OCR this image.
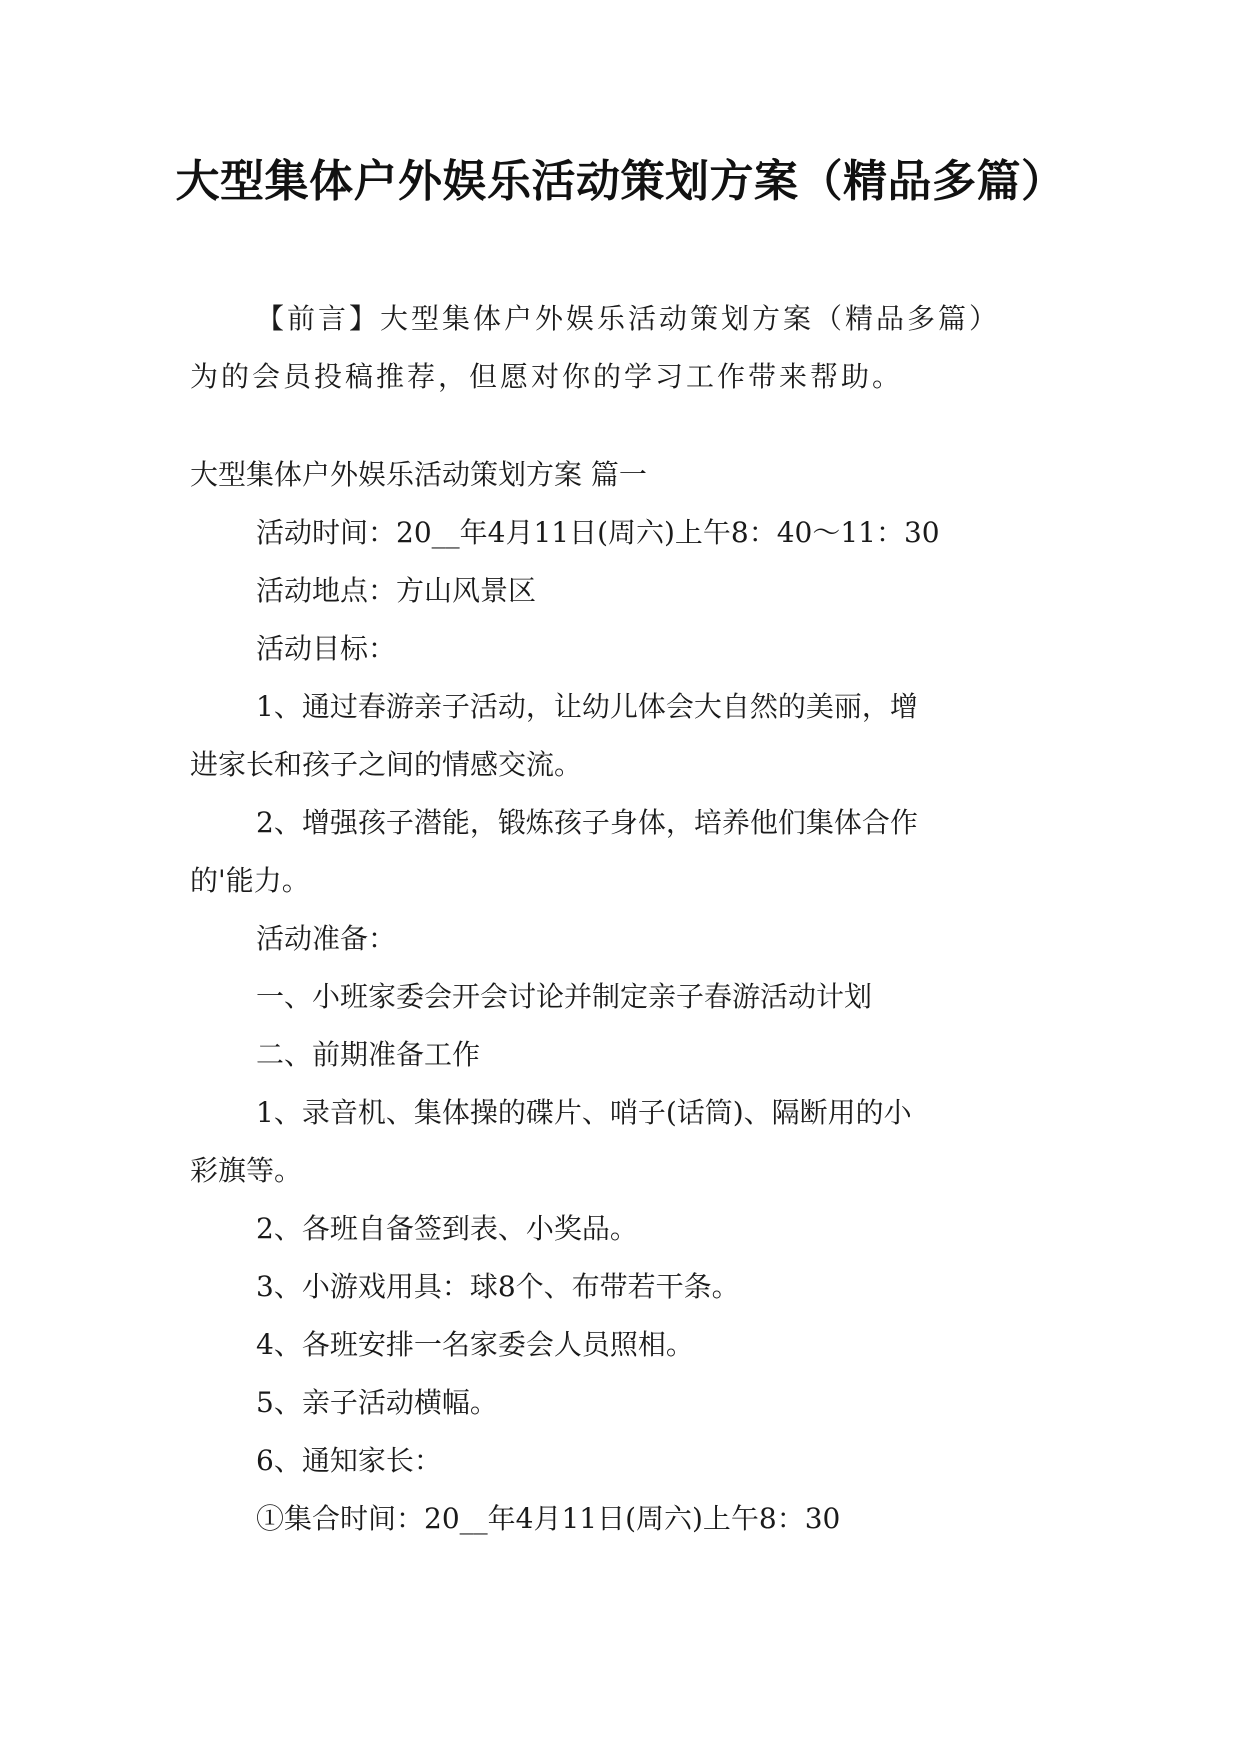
大型集体户外娱乐活动策划方案（精品多篇）

【前言】大型集体户外娱乐活动策划方案（精品多篇）

为的会员投稿推荐，但愿对你的学习工作带来帮助。

大型集体户外娱乐活动策划方案 篇一

活动时间：20__年4月11日(周六)上午8：40～11：30

活动地点：方山风景区

活动目标：

1、通过春游亲子活动，让幼儿体会大自然的美丽，增

进家长和孩子之间的情感交流。

2、增强孩子潜能，锻炼孩子身体，培养他们集体合作

的'能力。

活动准备：

一、小班家委会开会讨论并制定亲子春游活动计划

二、前期准备工作

1、录音机、集体操的碟片、哨子(话筒)、隔断用的小

彩旗等。

2、各班自备签到表、小奖品。

3、小游戏用具：球8个、布带若干条。

4、各班安排一名家委会人员照相。

5、亲子活动横幅。

6、通知家长：

①集合时间：20__年4月11日(周六)上午8：30
